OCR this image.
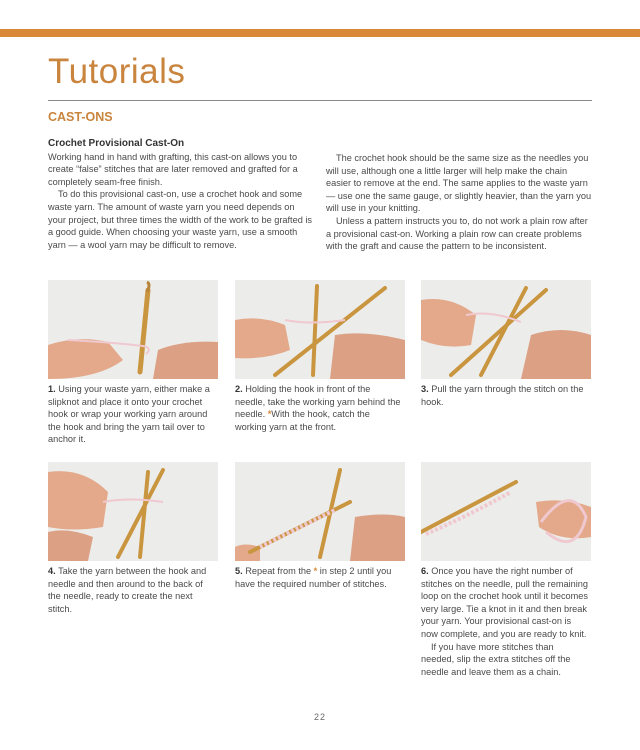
Tutorials
CAST-ONS

Crochet Provisional Cast-On

Working hand in hand with grafting, this cast-on allows you to create “false” stitches that are later removed and grafted for a completely seam-free finish.

To do this provisional cast-on, use a crochet hook and some waste yarn. The amount of waste yarn you need depends on your project, but three times the width of the work to be grafted is a good guide. When choosing your waste yarn, use a smooth yarn — a wool yarn may be difficult to remove.

The crochet hook should be the same size as the needles you will use, although one a little larger will help make the chain easier to remove at the end. The same applies to the waste yarn — use one the same gauge, or slightly heavier, than the yarn you will use in your knitting.

Unless a pattern instructs you to, do not work a plain row after a provisional cast-on. Working a plain row can create problems with the graft and cause the pattern to be inconsistent.

1. Using your waste yarn, either make a slipknot and place it onto your crochet hook or wrap your working yarn around the hook and bring the yarn tail over to anchor it.

2. Holding the hook in front of the needle, take the working yarn behind the needle. *With the hook, catch the working yarn at the front.

3. Pull the yarn through the stitch on the hook.

4. Take the yarn between the hook and needle and then around to the back of the needle, ready to create the next stitch.

5. Repeat from the * in step 2 until you have the required number of stitches.

6. Once you have the right number of stitches on the needle, pull the remaining loop on the crochet hook until it becomes very large. Tie a knot in it and then break your yarn. Your provisional cast-on is now complete, and you are ready to knit.

If you have more stitches than needed, slip the extra stitches off the needle and leave them as a chain.

22
